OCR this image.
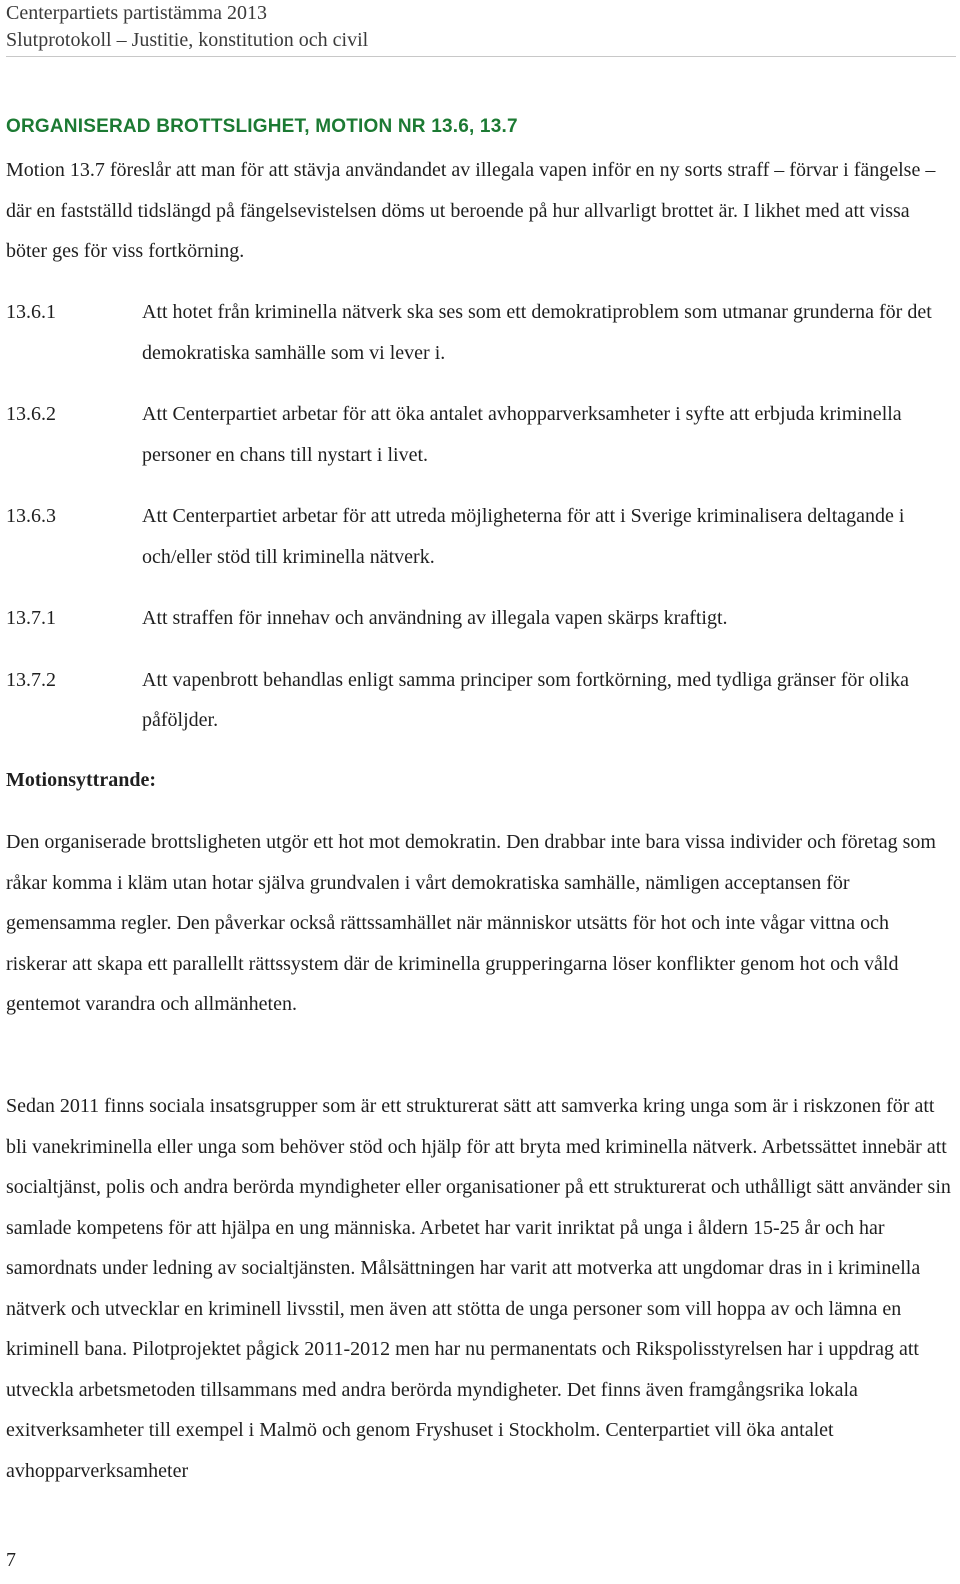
Centerpartiets partistämma 2013
Slutprotokoll – Justitie, konstitution och civil
ORGANISERAD BROTTSLIGHET, MOTION NR 13.6, 13.7

Motion 13.7 föreslår att man för att stävja användandet av illegala vapen inför en ny sorts straff – förvar i fängelse – där en fastställd tidslängd på fängelsevistelsen döms ut beroende på hur allvarligt brottet är. I likhet med att vissa böter ges för viss fortkörning.

13.6.1	Att hotet från kriminella nätverk ska ses som ett demokratiproblem som utmanar grunderna för det demokratiska samhälle som vi lever i.
13.6.2	Att Centerpartiet arbetar för att öka antalet avhopparverksamheter i syfte att erbjuda kriminella personer en chans till nystart i livet.
13.6.3	Att Centerpartiet arbetar för att utreda möjligheterna för att i Sverige kriminalisera deltagande i och/eller stöd till kriminella nätverk.
13.7.1	Att straffen för innehav och användning av illegala vapen skärps kraftigt.
13.7.2	Att vapenbrott behandlas enligt samma principer som fortkörning, med tydliga gränser för olika påföljder.
Motionsyttrande:

Den organiserade brottsligheten utgör ett hot mot demokratin. Den drabbar inte bara vissa individer och företag som råkar komma i kläm utan hotar själva grundvalen i vårt demokratiska samhälle, nämligen acceptansen för gemensamma regler. Den påverkar också rättssamhället när människor utsätts för hot och inte vågar vittna och riskerar att skapa ett parallellt rättssystem där de kriminella grupperingarna löser konflikter genom hot och våld gentemot varandra och allmänheten.

Sedan 2011 finns sociala insatsgrupper som är ett strukturerat sätt att samverka kring unga som är i riskzonen för att bli vanekriminella eller unga som behöver stöd och hjälp för att bryta med kriminella nätverk. Arbetssättet innebär att socialtjänst, polis och andra berörda myndigheter eller organisationer på ett strukturerat och uthålligt sätt använder sin samlade kompetens för att hjälpa en ung människa. Arbetet har varit inriktat på unga i åldern 15-25 år och har samordnats under ledning av socialtjänsten. Målsättningen har varit att motverka att ungdomar dras in i kriminella nätverk och utvecklar en kriminell livsstil, men även att stötta de unga personer som vill hoppa av och lämna en kriminell bana. Pilotprojektet pågick 2011-2012 men har nu permanentats och Rikspolisstyrelsen har i uppdrag att utveckla arbetsmetoden tillsammans med andra berörda myndigheter. Det finns även framgångsrika lokala exitverksamheter till exempel i Malmö och genom Fryshuset i Stockholm. Centerpartiet vill öka antalet avhopparverksamheter

7
